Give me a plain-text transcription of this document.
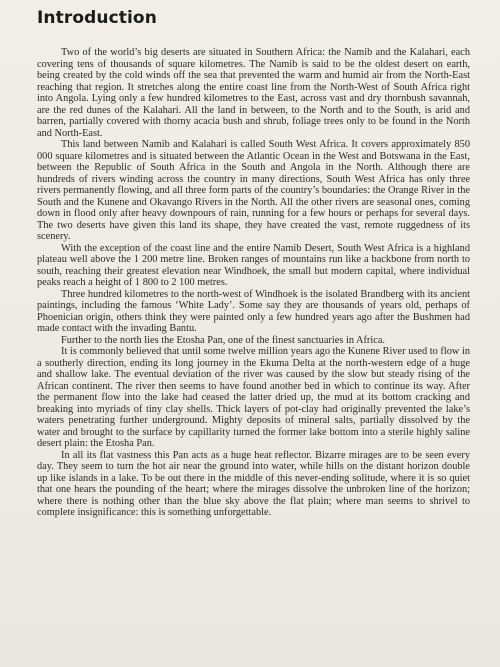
Introduction

Two of the world’s big deserts are situated in Southern Africa: the Namib and the Kalahari, each covering tens of thousands of square kilometres. The Namib is said to be the oldest desert on earth, being created by the cold winds off the sea that prevented the warm and humid air from the North-East reaching that region. It stretches along the entire coast line from the North-West of South Africa right into Angola. Lying only a few hundred kilometres to the East, across vast and dry thornbush savannah, are the red dunes of the Kalahari. All the land in between, to the North and to the South, is arid and barren, partially covered with thorny acacia bush and shrub, foliage trees only to be found in the North and North-East.

This land between Namib and Kalahari is called South West Africa. It covers approximately 850 000 square kilometres and is situated between the Atlantic Ocean in the West and Botswana in the East, between the Republic of South Africa in the South and Angola in the North. Although there are hundreds of rivers winding across the country in many directions, South West Africa has only three rivers permanently flowing, and all three form parts of the country’s boundaries: the Orange River in the South and the Kunene and Okavango Rivers in the North. All the other rivers are seasonal ones, coming down in flood only after heavy downpours of rain, running for a few hours or perhaps for several days. The two deserts have given this land its shape, they have created the vast, remote ruggedness of its scenery.

With the exception of the coast line and the entire Namib Desert, South West Africa is a highland plateau well above the 1 200 metre line. Broken ranges of mountains run like a backbone from north to south, reaching their greatest elevation near Windhoek, the small but modern capital, where individual peaks reach a height of 1 800 to 2 100 metres.

Three hundred kilometres to the north-west of Windhoek is the isolated Brandberg with its ancient paintings, including the famous ‘White Lady’. Some say they are thousands of years old, perhaps of Phoenician origin, others think they were painted only a few hundred years ago after the Bushmen had made contact with the invading Bantu.

Further to the north lies the Etosha Pan, one of the finest sanctuaries in Africa.

It is commonly believed that until some twelve million years ago the Kunene River used to flow in a southerly direction, ending its long journey in the Ekuma Delta at the north-western edge of a huge and shallow lake. The eventual deviation of the river was caused by the slow but steady rising of the African continent. The river then seems to have found another bed in which to continue its way. After the permanent flow into the lake had ceased the latter dried up, the mud at its bottom cracking and breaking into myriads of tiny clay shells. Thick layers of pot-clay had originally prevented the lake’s waters penetrating further underground. Mighty deposits of mineral salts, partially dissolved by the water and brought to the surface by capillarity turned the former lake bottom into a sterile highly saline desert plain: the Etosha Pan.

In all its flat vastness this Pan acts as a huge heat reflector. Bizarre mirages are to be seen every day. They seem to turn the hot air near the ground into water, while hills on the distant horizon double up like islands in a lake. To be out there in the middle of this never-ending solitude, where it is so quiet that one hears the pounding of the heart; where the mirages dissolve the unbroken line of the horizon; where there is nothing other than the blue sky above the flat plain; where man seems to shrivel to complete insignificance: this is something unforgettable.
